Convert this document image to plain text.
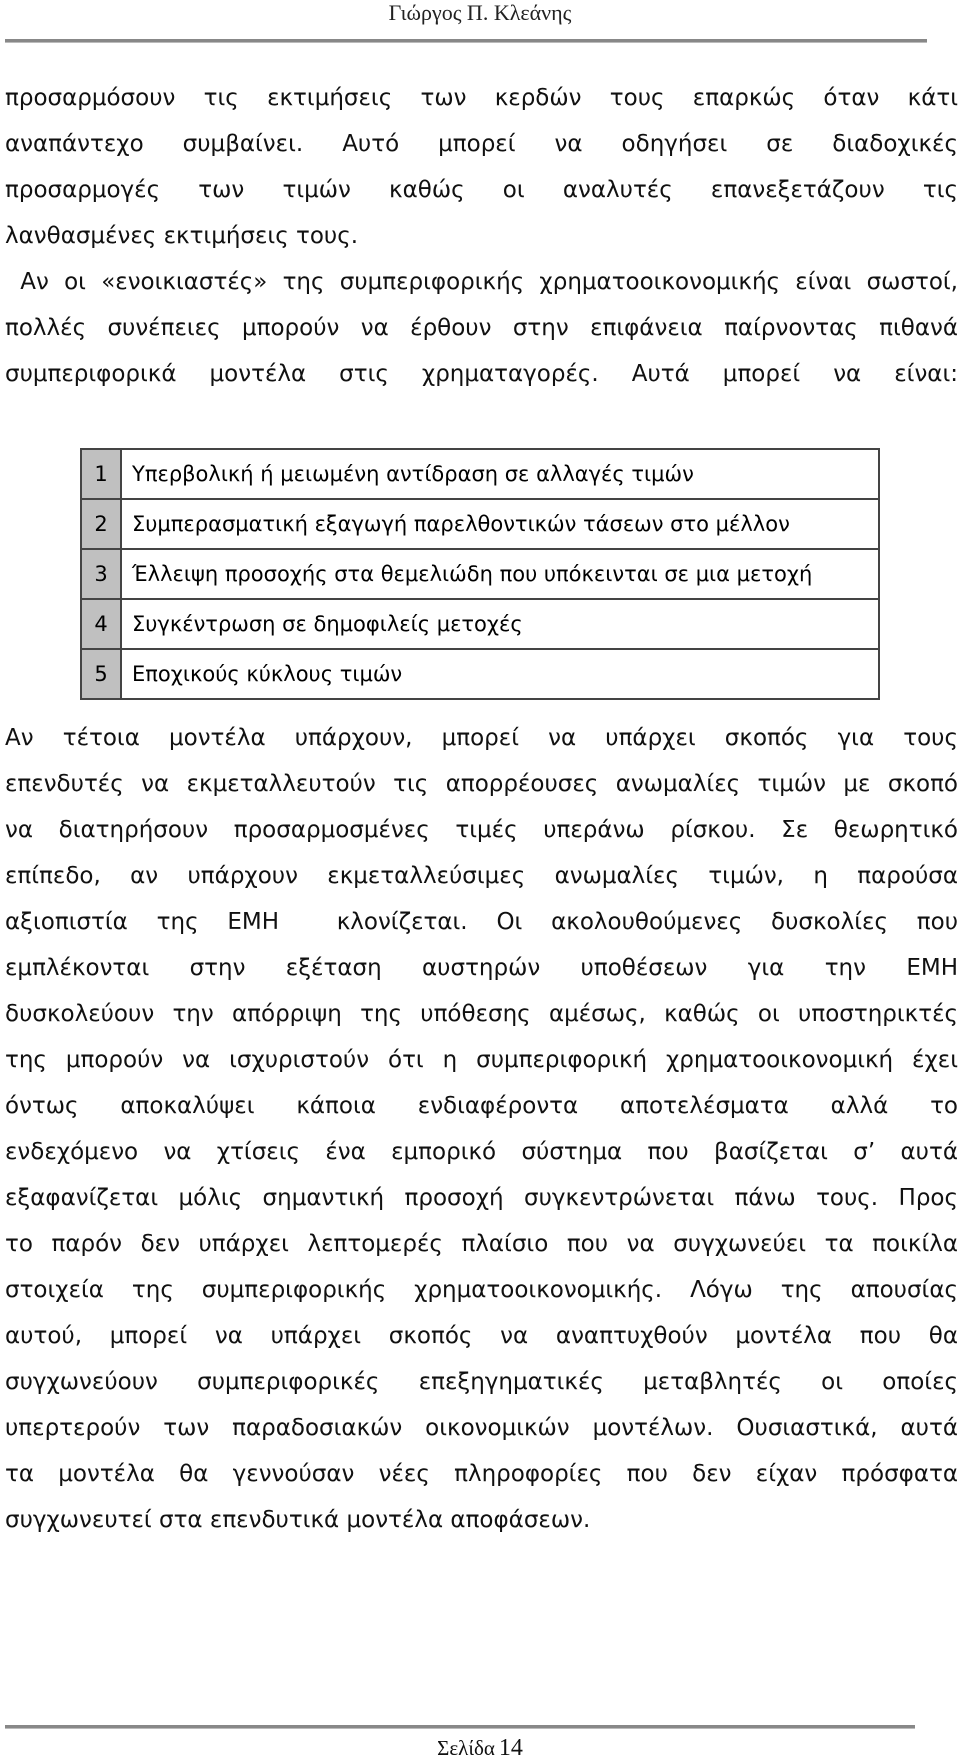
Γιώργος Π. Κλεάνης
προσαρμόσουν τις εκτιμήσεις των κερδών τους επαρκώς όταν κάτι
αναπάντεχο συμβαίνει. Αυτό μπορεί να οδηγήσει σε διαδοχικές
προσαρμογές των τιμών καθώς οι αναλυτές επανεξετάζουν τις
λανθασμένες εκτιμήσεις τους.
Αν οι «ενοικιαστές» της συμπεριφορικής χρηματοοικονομικής είναι σωστοί,
πολλές συνέπειες μπορούν να έρθουν στην επιφάνεια παίρνοντας πιθανά
συμπεριφορικά μοντέλα στις χρηματαγορές. Αυτά μπορεί να είναι:
1	Υπερβολική ή μειωμένη αντίδραση σε αλλαγές τιμών
2	Συμπερασματική εξαγωγή παρελθοντικών τάσεων στο μέλλον
3	Έλλειψη προσοχής στα θεμελιώδη που υπόκεινται σε μια μετοχή
4	Συγκέντρωση σε δημοφιλείς μετοχές
5	Εποχικούς κύκλους τιμών
Αν τέτοια μοντέλα υπάρχουν, μπορεί να υπάρχει σκοπός για τους
επενδυτές να εκμεταλλευτούν τις απορρέουσες ανωμαλίες τιμών με σκοπό
να διατηρήσουν προσαρμοσμένες τιμές υπεράνω ρίσκου. Σε θεωρητικό
επίπεδο, αν υπάρχουν εκμεταλλεύσιμες ανωμαλίες τιμών, η παρούσα
αξιοπιστία της ΕΜΗ  κλονίζεται. Οι ακολουθούμενες δυσκολίες που
εμπλέκονται στην εξέταση αυστηρών υποθέσεων για την ΕΜΗ
δυσκολεύουν την απόρριψη της υπόθεσης αμέσως, καθώς οι υποστηρικτές
της μπορούν να ισχυριστούν ότι η συμπεριφορική χρηματοοικονομική έχει
όντως αποκαλύψει κάποια ενδιαφέροντα αποτελέσματα αλλά το
ενδεχόμενο να χτίσεις ένα εμπορικό σύστημα που βασίζεται σ’ αυτά
εξαφανίζεται μόλις σημαντική προσοχή συγκεντρώνεται πάνω τους. Προς
το παρόν δεν υπάρχει λεπτομερές πλαίσιο που να συγχωνεύει τα ποικίλα
στοιχεία της συμπεριφορικής χρηματοοικονομικής. Λόγω της απουσίας
αυτού, μπορεί να υπάρχει σκοπός να αναπτυχθούν μοντέλα που θα
συγχωνεύουν συμπεριφορικές επεξηγηματικές μεταβλητές οι οποίες
υπερτερούν των παραδοσιακών οικονομικών μοντέλων. Ουσιαστικά, αυτά
τα μοντέλα θα γεννούσαν νέες πληροφορίες που δεν είχαν πρόσφατα
συγχωνευτεί στα επενδυτικά μοντέλα αποφάσεων.
Σελίδα 14
